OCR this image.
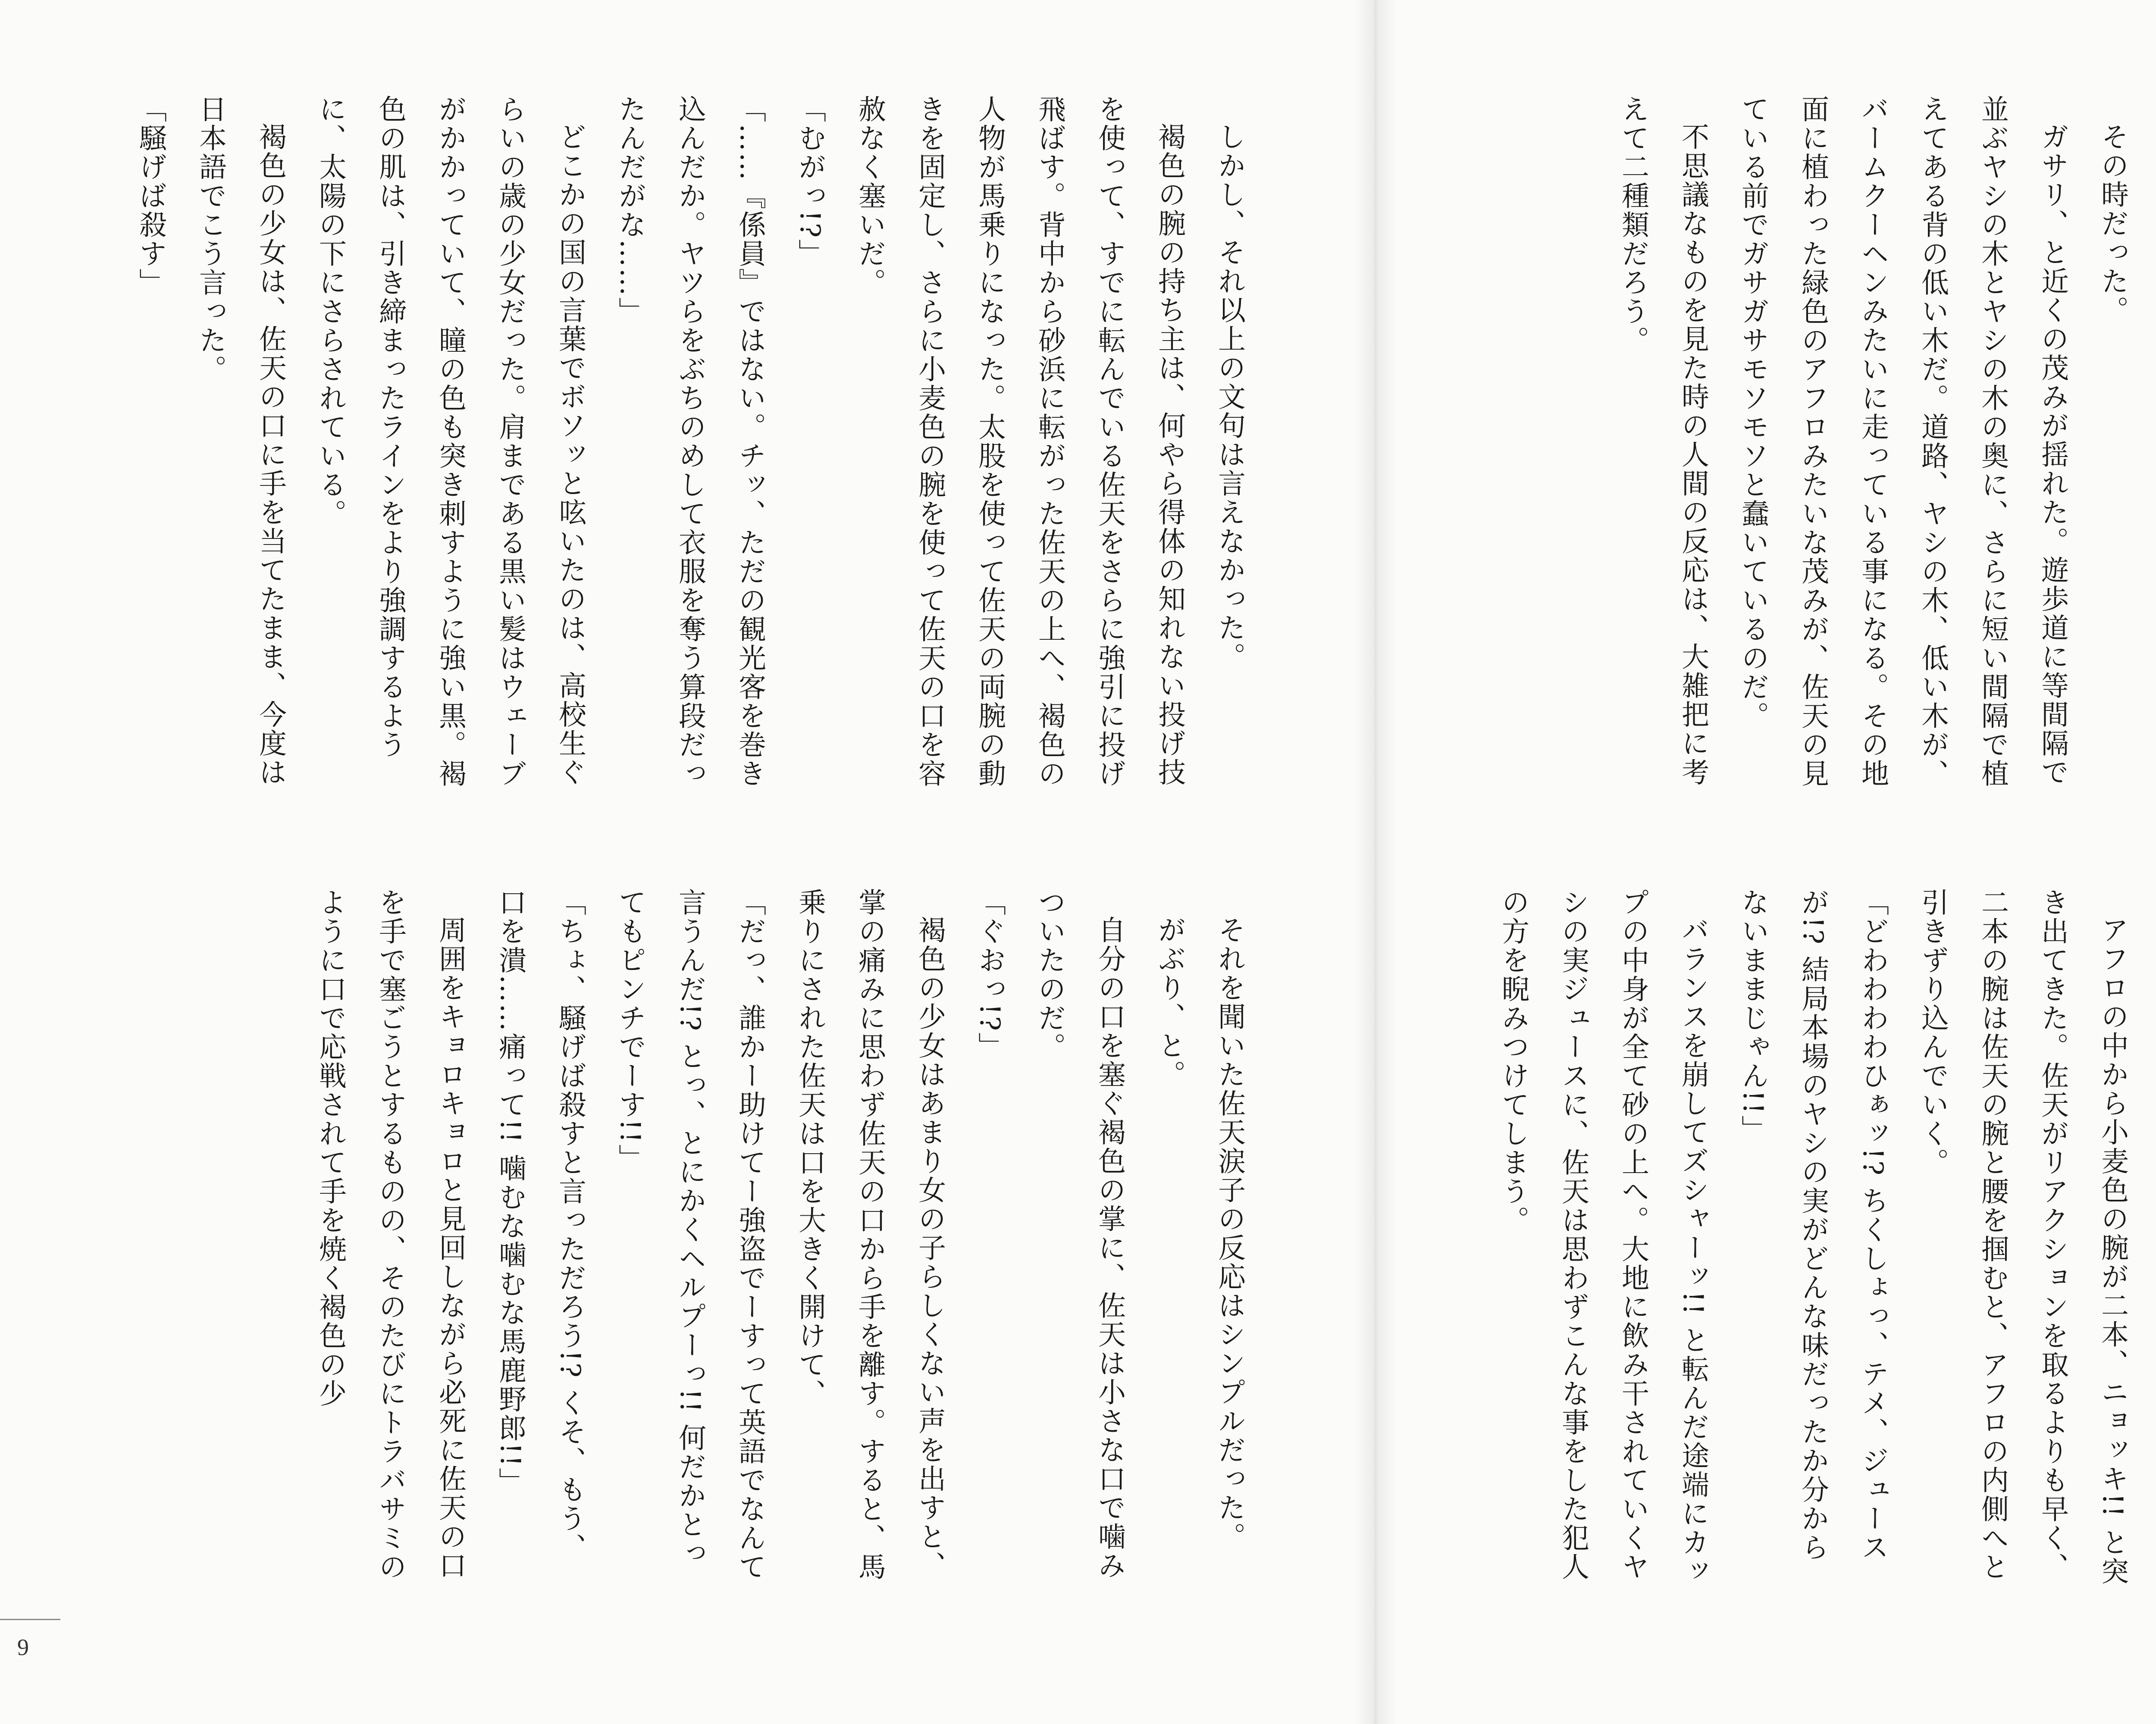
しかし、それ以上の文句は言えなかった。

褐色の腕の持ち主は、何やら得体の知れない投げ技を使って、すでに転んでいる佐天をさらに強引に投げ飛ばす。背中から砂浜に転がった佐天の上へ、褐色の人物が馬乗りになった。太股を使って佐天の両腕の動きを固定し、さらに小麦色の腕を使って佐天の口を容赦なく塞いだ。

「むがっ!?」

「……『係員』ではない。チッ、ただの観光客を巻き込んだか。ヤツらをぶちのめして衣服を奪う算段だったんだがな……」

どこかの国の言葉でボソッと呟いたのは、高校生ぐらいの歳の少女だった。肩まである黒い髪はウェーブがかかっていて、瞳の色も突き刺すように強い黒。褐色の肌は、引き締まったラインをより強調するように、太陽の下にさらされている。

褐色の少女は、佐天の口に手を当てたまま、今度は日本語でこう言った。

「騒げば殺す」

それを聞いた佐天涙子の反応はシンプルだった。

がぶり、と。

自分の口を塞ぐ褐色の掌に、佐天は小さな口で噛みついたのだ。

「ぐおっ!?」

褐色の少女はあまり女の子らしくない声を出すと、掌の痛みに思わず佐天の口から手を離す。すると、馬乗りにされた佐天は口を大きく開けて、

「だっ、誰かー助けてー強盗でーすって英語でなんて言うんだ!? とっ、とにかくヘルプーっ!! 何だかとってもピンチでーす!!」

「ちょ、騒げば殺すと言っただろう!? くそ、もう、口を潰……痛って!! 噛むな噛むな馬鹿野郎!!」

周囲をキョロキョロと見回しながら必死に佐天の口を手で塞ごうとするものの、そのたびにトラバサミのように口で応戦されて手を焼く褐色の少

9

その時だった。

ガサリ、と近くの茂みが揺れた。遊歩道に等間隔で並ぶヤシの木とヤシの木の奥に、さらに短い間隔で植えてある背の低い木だ。道路、ヤシの木、低い木が、バームクーヘンみたいに走っている事になる。その地面に植わった緑色のアフロみたいな茂みが、佐天の見ている前でガサガサモソモソと蠢いているのだ。

不思議なものを見た時の人間の反応は、大雑把に考えて二種類だろう。

アフロの中から小麦色の腕が二本、ニョッキ!! と突き出てきた。佐天がリアクションを取るよりも早く、二本の腕は佐天の腕と腰を掴むと、アフロの内側へと引きずり込んでいく。

「どわわわわひぁッ!? ちくしょっ、テメ、ジュースが!? 結局本場のヤシの実がどんな味だったか分からないままじゃん!!」

バランスを崩してズシャーッ!! と転んだ途端にカップの中身が全て砂の上へ。大地に飲み干されていくヤシの実ジュースに、佐天は思わずこんな事をした犯人の方を睨みつけてしまう。
